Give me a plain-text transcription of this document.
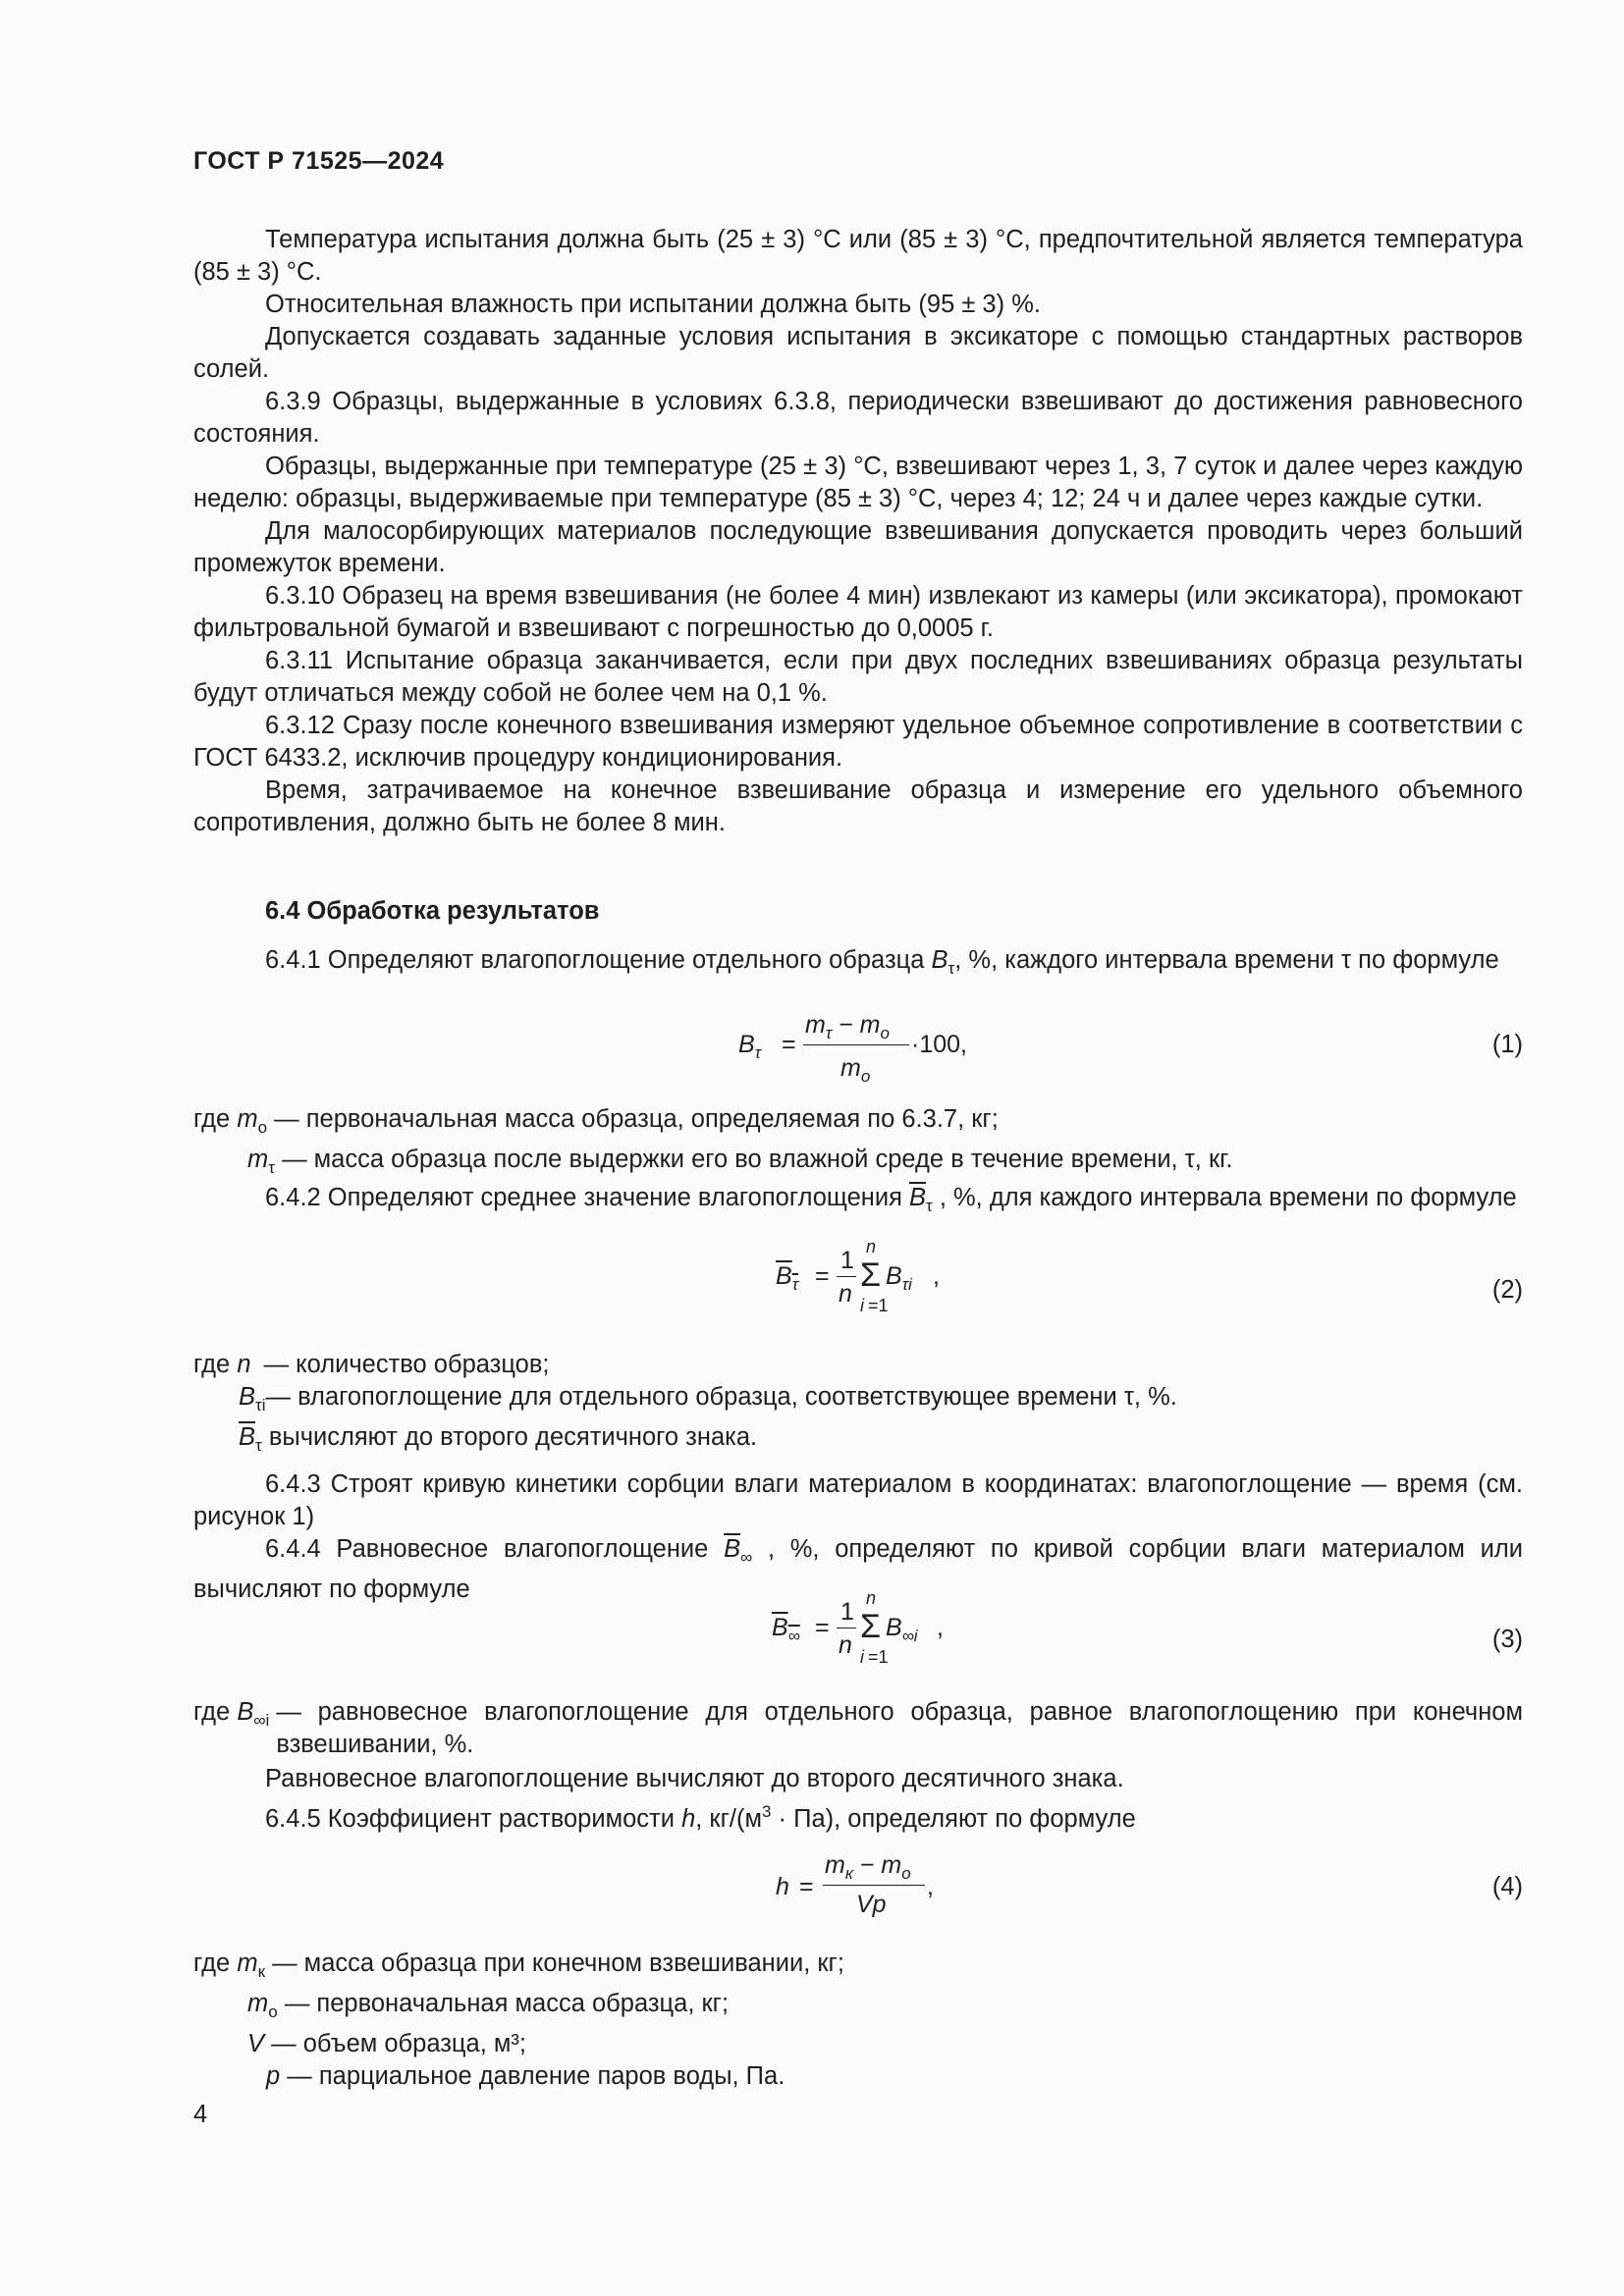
ГОСТ Р 71525—2024

Температура испытания должна быть (25 ± 3) °С или (85 ± 3) °С, предпочтительной является температура (85 ± 3) °С.

Относительная влажность при испытании должна быть (95 ± 3) %.

Допускается создавать заданные условия испытания в эксикаторе с помощью стандартных растворов солей.

6.3.9 Образцы, выдержанные в условиях 6.3.8, периодически взвешивают до достижения равновесного состояния.

Образцы, выдержанные при температуре (25 ± 3) °С, взвешивают через 1, 3, 7 суток и далее через каждую неделю: образцы, выдерживаемые при температуре (85 ± 3) °С, через 4; 12; 24 ч и далее через каждые сутки.

Для малосорбирующих материалов последующие взвешивания допускается проводить через больший промежуток времени.

6.3.10 Образец на время взвешивания (не более 4 мин) извлекают из камеры (или эксикатора), промокают фильтровальной бумагой и взвешивают с погрешностью до 0,0005 г.

6.3.11 Испытание образца заканчивается, если при двух последних взвешиваниях образца результаты будут отличаться между собой не более чем на 0,1 %.

6.3.12 Сразу после конечного взвешивания измеряют удельное объемное сопротивление в соответствии с ГОСТ 6433.2, исключив процедуру кондиционирования.

Время, затрачиваемое на конечное взвешивание образца и измерение его удельного объемного сопротивления, должно быть не более 8 мин.

6.4 Обработка результатов

6.4.1 Определяют влагопоглощение отдельного образца $B_\tau$, %, каждого интервала времени τ по формуле

$B_\tau$ =
$m_\tau - m_о$
$m_о$
·100,	(1)
где $m_о$ — первоначальная масса образца, определяемая по 6.3.7, кг;
$m_\tau$ — масса образца после выдержки его во влажной среде в течение времени, τ, кг.

6.4.2 Определяют среднее значение влагопоглощения $\overline{B}_\tau$ , %, для каждого интервала времени по формуле

$B_\tau$ =
1
n
n
Σ
i =1
$B_{\tau i}$ ,	(2)
где n — количество образцов;
$B_{\tau i}—$ влагопоглощение для отдельного образца, соответствующее времени τ, %.
$\overline{B}_\tau$ вычисляют до второго десятичного знака.

6.4.3 Строят кривую кинетики сорбции влаги материалом в координатах: влагопоглощение — время (см. рисунок 1)

6.4.4 Равновесное влагопоглощение $\overline{B}_\infty$ , %, определяют по кривой сорбции влаги материалом или вычисляют по формуле

$B_\infty$ =
1
n
n
Σ
i =1
$B_{\infty i}$ ,	(3)
где $B_{\infty i}$ — равновесное влагопоглощение для отдельного образца, равное влагопоглощению при конечном взвешивании, %.

Равновесное влагопоглощение вычисляют до второго десятичного знака.

6.4.5 Коэффициент растворимости h, $кг/(м^3 \cdot Па)$, определяют по формуле

h =
$m_к - m_о$
Vp
,	(4)
где $m_к$ — масса образца при конечном взвешивании, кг;
$m_о$ — первоначальная масса образца, кг;
V — объем образца, м³;
p — парциальное давление паров воды, Па.
4
